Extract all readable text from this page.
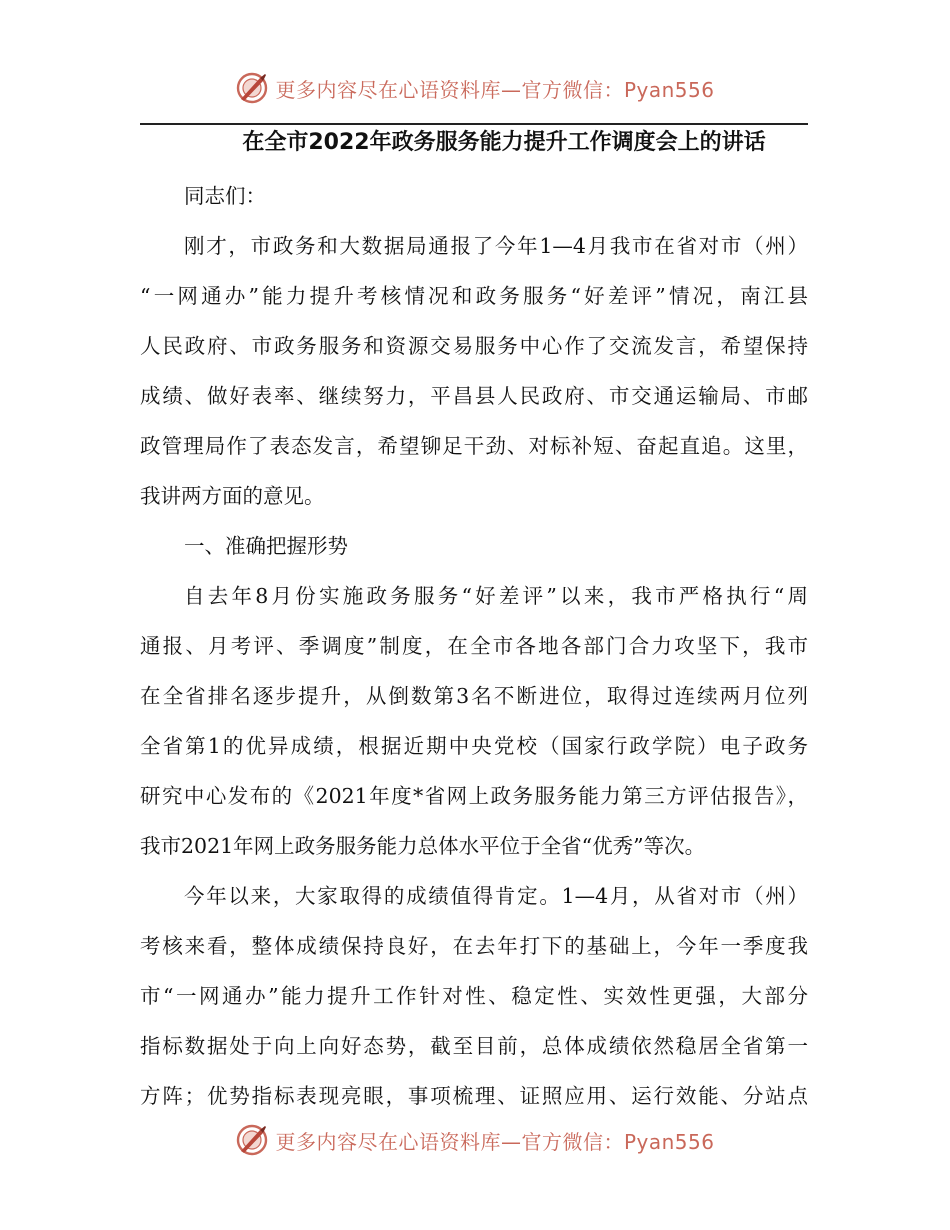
更多内容尽在心语资料库—官方微信：Pyan556
在全市2022年政务服务能力提升工作调度会上的讲话
同志们：
刚才，市政务和大数据局通报了今年1—4月我市在省对市（州）
“一网通办”能力提升考核情况和政务服务“好差评”情况，南江县
人民政府、市政务服务和资源交易服务中心作了交流发言，希望保持
成绩、做好表率、继续努力，平昌县人民政府、市交通运输局、市邮
政管理局作了表态发言，希望铆足干劲、对标补短、奋起直追。这里，
我讲两方面的意见。
一、准确把握形势
自去年8月份实施政务服务“好差评”以来，我市严格执行“周
通报、月考评、季调度”制度，在全市各地各部门合力攻坚下，我市
在全省排名逐步提升，从倒数第3名不断进位，取得过连续两月位列
全省第1的优异成绩，根据近期中央党校（国家行政学院）电子政务
研究中心发布的《2021年度*省网上政务服务能力第三方评估报告》，
我市2021年网上政务服务能力总体水平位于全省“优秀”等次。
今年以来，大家取得的成绩值得肯定。1—4月，从省对市（州）
考核来看，整体成绩保持良好，在去年打下的基础上，今年一季度我
市“一网通办”能力提升工作针对性、稳定性、实效性更强，大部分
指标数据处于向上向好态势，截至目前，总体成绩依然稳居全省第一
方阵；优势指标表现亮眼，事项梳理、证照应用、运行效能、分站点
更多内容尽在心语资料库—官方微信：Pyan556
